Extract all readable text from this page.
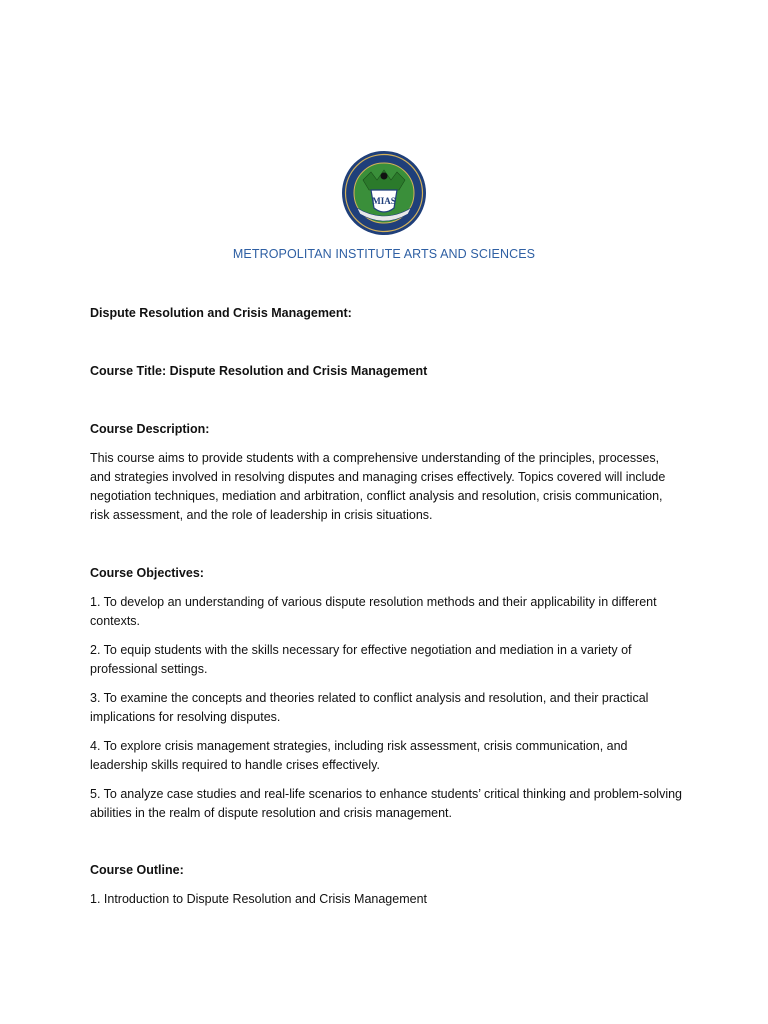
MIAS
METROPOLITAN INSTITUTE ARTS AND SCIENCES
Dispute Resolution and Crisis Management:
Course Title: Dispute Resolution and Crisis Management
Course Description:
This course aims to provide students with a comprehensive understanding of the principles, processes, and strategies involved in resolving disputes and managing crises effectively. Topics covered will include negotiation techniques, mediation and arbitration, conflict analysis and resolution, crisis communication, risk assessment, and the role of leadership in crisis situations.
Course Objectives:
1. To develop an understanding of various dispute resolution methods and their applicability in different contexts.
2. To equip students with the skills necessary for effective negotiation and mediation in a variety of professional settings.
3. To examine the concepts and theories related to conflict analysis and resolution, and their practical implications for resolving disputes.
4. To explore crisis management strategies, including risk assessment, crisis communication, and leadership skills required to handle crises effectively.
5. To analyze case studies and real-life scenarios to enhance students’ critical thinking and problem-solving abilities in the realm of dispute resolution and crisis management.
Course Outline:
1. Introduction to Dispute Resolution and Crisis Management
